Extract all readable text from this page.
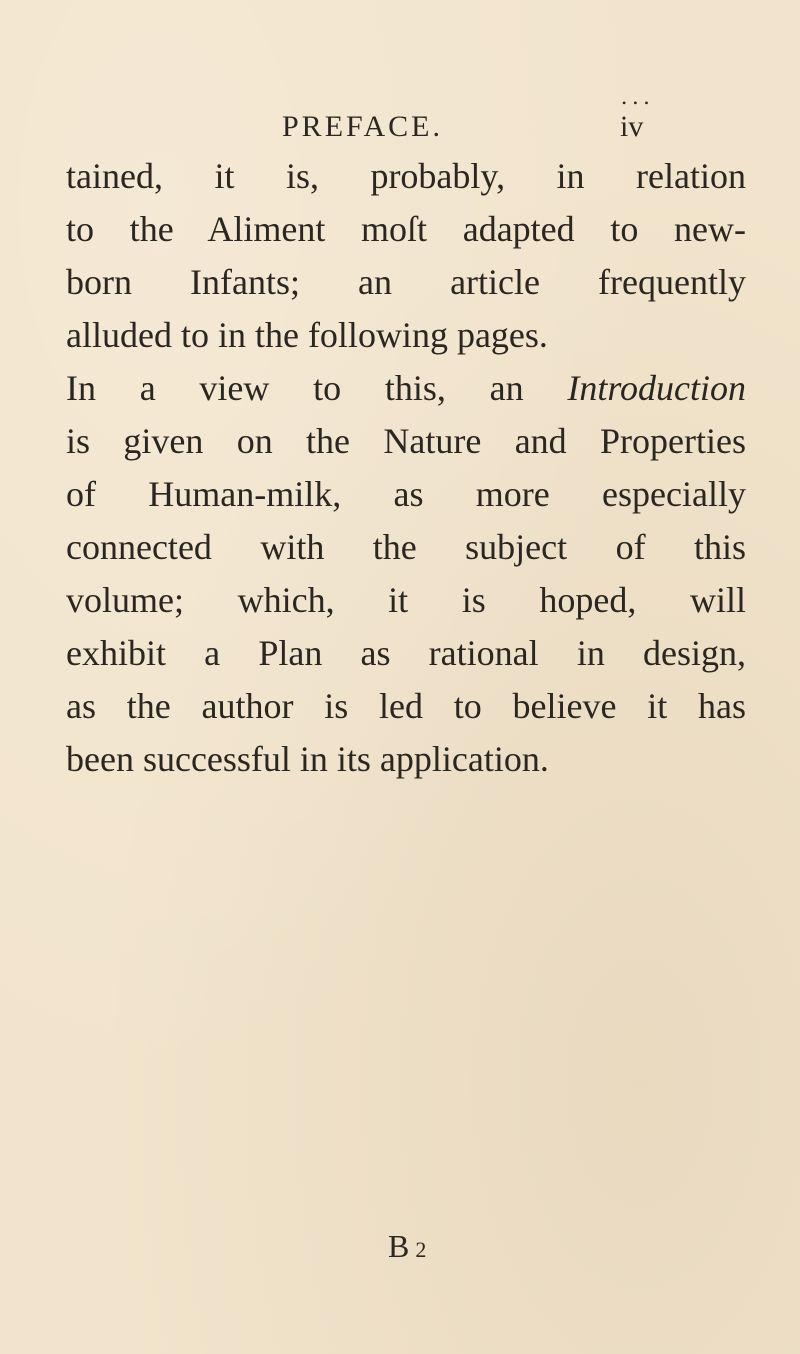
PREFACE.
• • •
iv
tained, it is, probably, in relation
to the Aliment moſt adapted to new-
born Infants; an article frequently
alluded to in the following pages.
In a view to this, an Introduction
is given on the Nature and Properties
of Human-milk, as more especially
connected with the subject of this
volume; which, it is hoped, will
exhibit a Plan as rational in design,
as the author is led to believe it has
been successful in its application.
B 2
